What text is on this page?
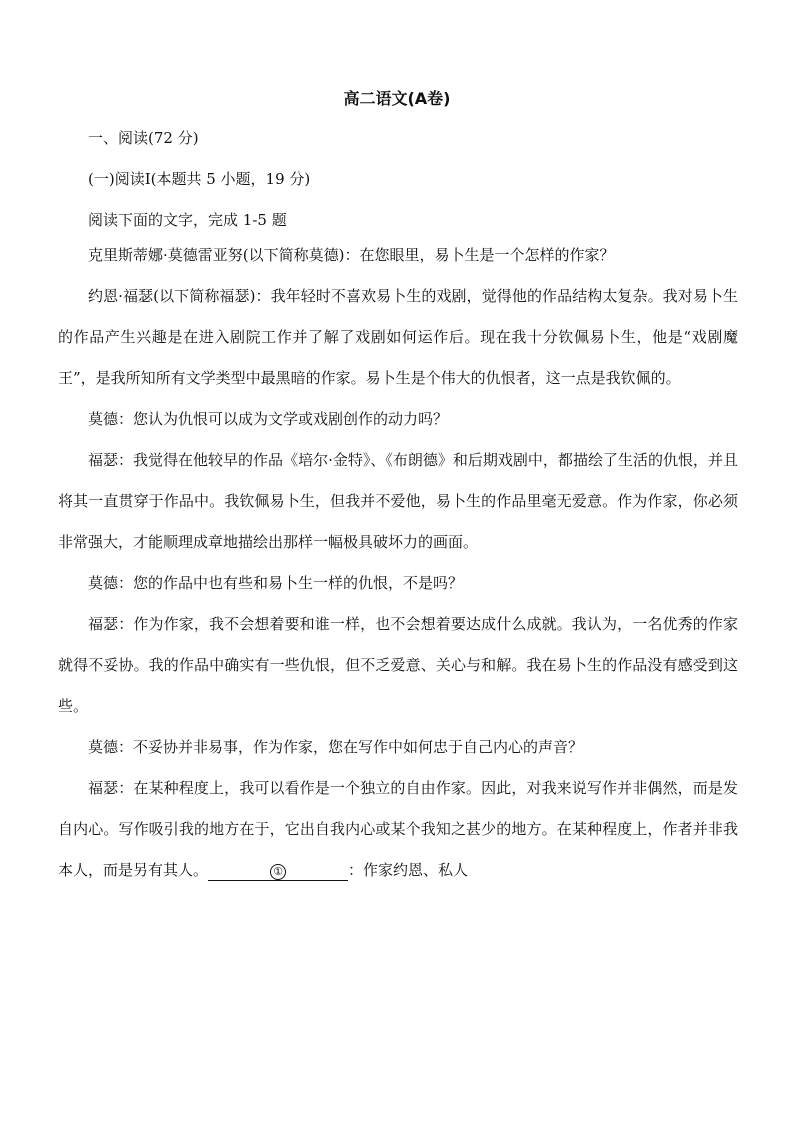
高二语文(A卷)
一、阅读(72 分)
(一)阅读Ⅰ(本题共 5 小题，19 分)
阅读下面的文字，完成 1-5 题

克里斯蒂娜·莫德雷亚努(以下简称莫德)：在您眼里，易卜生是一个怎样的作家？

约恩·福瑟(以下简称福瑟)：我年轻时不喜欢易卜生的戏剧，觉得他的作品结构太复杂。我对易卜生的作品产生兴趣是在进入剧院工作并了解了戏剧如何运作后。现在我十分钦佩易卜生，他是“戏剧魔王”，是我所知所有文学类型中最黑暗的作家。易卜生是个伟大的仇恨者，这一点是我钦佩的。

莫德：您认为仇恨可以成为文学或戏剧创作的动力吗？

福瑟：我觉得在他较早的作品《培尔·金特》、《布朗德》和后期戏剧中，都描绘了生活的仇恨，并且将其一直贯穿于作品中。我钦佩易卜生，但我并不爱他，易卜生的作品里毫无爱意。作为作家，你必须非常强大，才能顺理成章地描绘出那样一幅极具破坏力的画面。

莫德：您的作品中也有些和易卜生一样的仇恨，不是吗？

福瑟：作为作家，我不会想着要和谁一样，也不会想着要达成什么成就。我认为，一名优秀的作家就得不妥协。我的作品中确实有一些仇恨，但不乏爱意、关心与和解。我在易卜生的作品没有感受到这些。

莫德：不妥协并非易事，作为作家，您在写作中如何忠于自己内心的声音？

福瑟：在某种程度上，我可以看作是一个独立的自由作家。因此，对我来说写作并非偶然，而是发自内心。写作吸引我的地方在于，它出自我内心或某个我知之甚少的地方。在某种程度上，作者并非我本人，而是另有其人。	①	：作家约恩、私人
